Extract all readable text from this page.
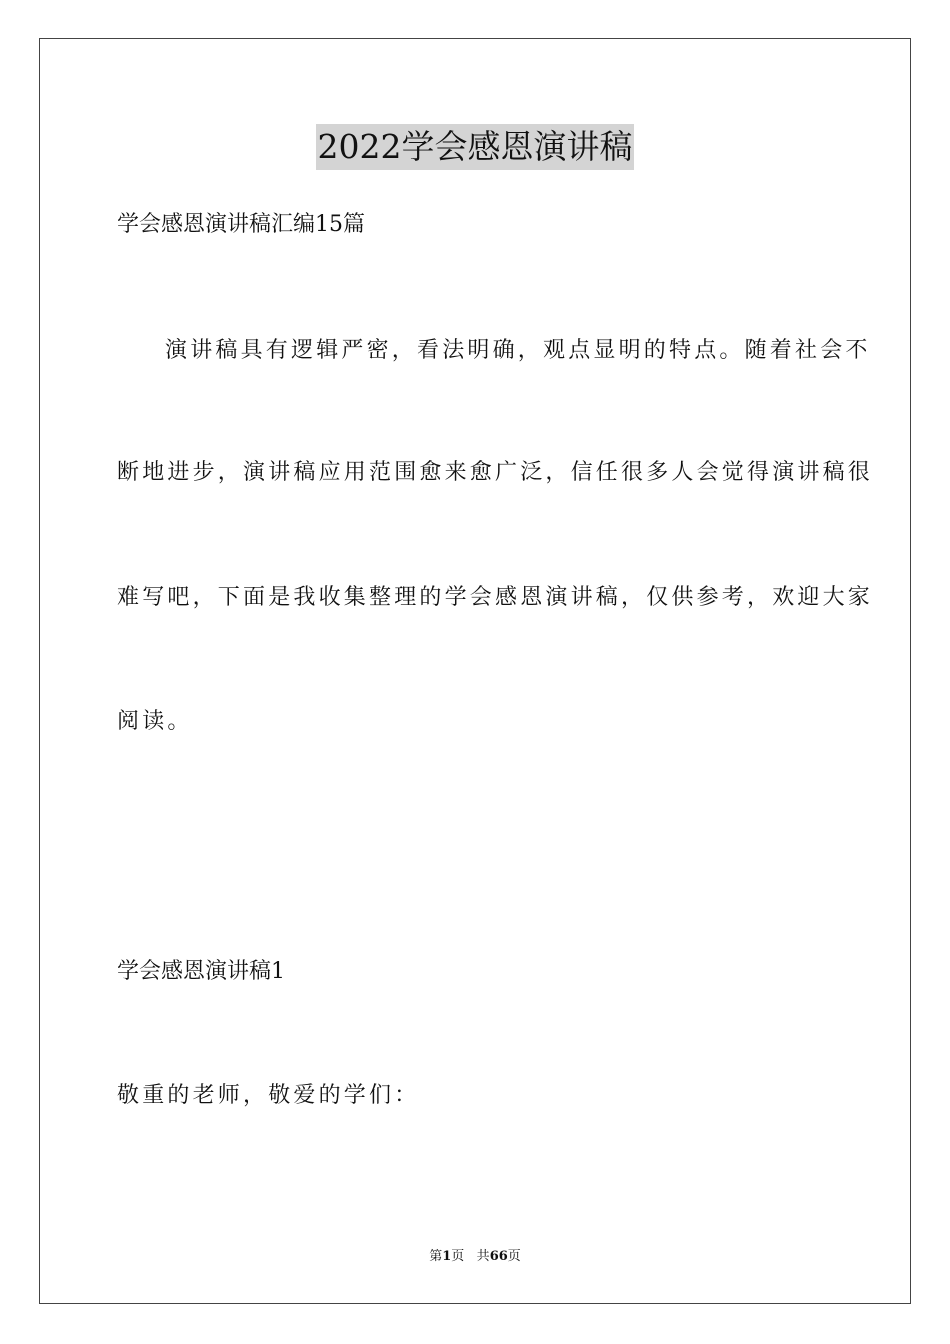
2022学会感恩演讲稿
学会感恩演讲稿汇编15篇
演讲稿具有逻辑严密，看法明确，观点显明的特点。随着社会不
断地进步，演讲稿应用范围愈来愈广泛，信任很多人会觉得演讲稿很
难写吧，下面是我收集整理的学会感恩演讲稿，仅供参考，欢迎大家
阅读。
学会感恩演讲稿1
敬重的老师，敬爱的学们：
第1页 共66页
